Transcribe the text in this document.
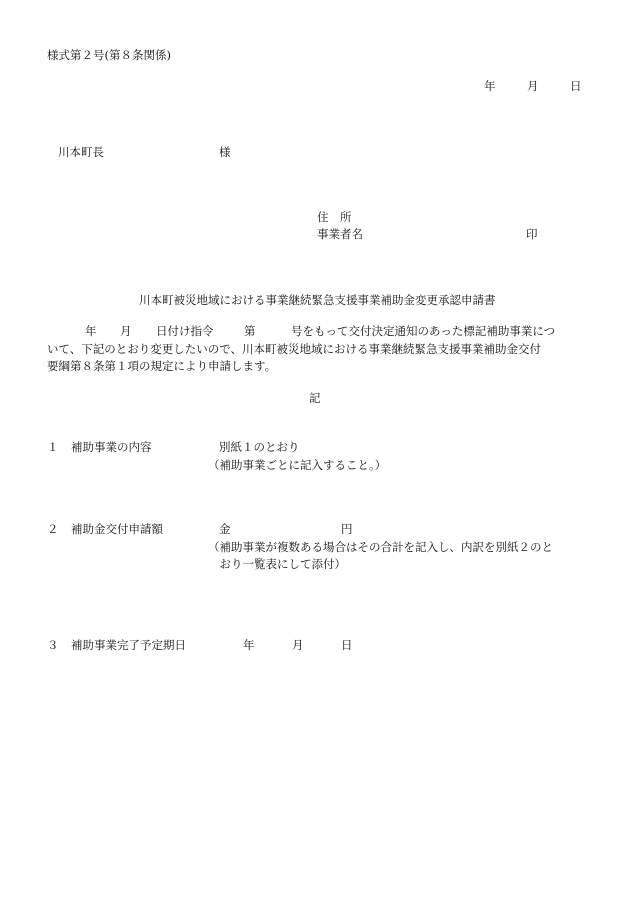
様式第２号(第８条関係)
年	月	日
川本町長	様
住　所
事業者名	印
川本町被災地域における事業継続緊急支援事業補助金変更承認申請書
年 月 日付け指令	第	号をもって交付決定通知のあった標記補助事業につ
いて、下記のとおり変更したいので、川本町被災地域における事業継続緊急支援事業補助金交付
要綱第８条第１項の規定により申請します。
記
１ 補助事業の内容	別紙１のとおり
（補助事業ごとに記入すること。）
２ 補助金交付申請額	金	円
（補助事業が複数ある場合はその合計を記入し、内訳を別紙２のと
　おり一覧表にして添付）
３ 補助事業完了予定期日	年	月	日
